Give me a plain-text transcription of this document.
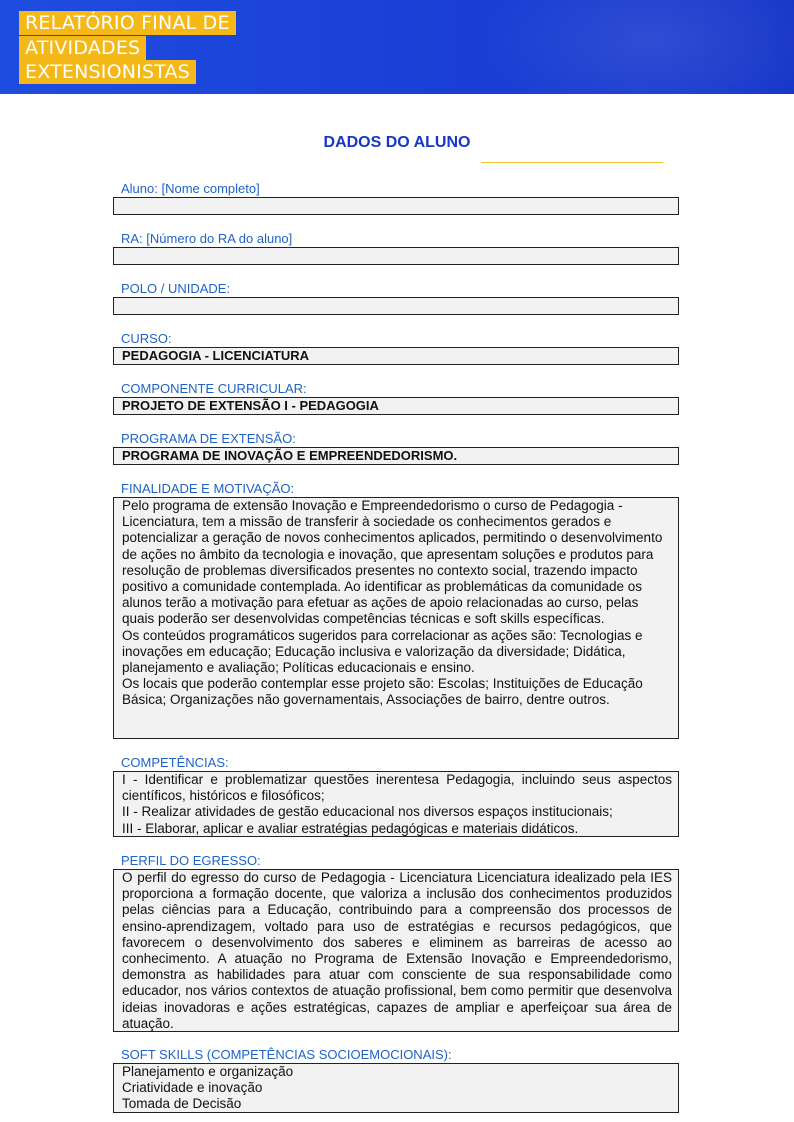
RELATÓRIO FINAL DE
ATIVIDADES
EXTENSIONISTAS
DADOS DO ALUNO
Aluno: [Nome completo]
RA: [Número do RA do aluno]
POLO / UNIDADE:
CURSO:
PEDAGOGIA - LICENCIATURA
COMPONENTE CURRICULAR:
PROJETO DE EXTENSÃO I - PEDAGOGIA
PROGRAMA DE EXTENSÃO:
PROGRAMA DE INOVAÇÃO E EMPREENDEDORISMO.
FINALIDADE E MOTIVAÇÃO:

Pelo programa de extensão Inovação e Empreendedorismo o curso de Pedagogia - Licenciatura, tem a missão de transferir à sociedade os conhecimentos gerados e potencializar a geração de novos conhecimentos aplicados, permitindo o desenvolvimento de ações no âmbito da tecnologia e inovação, que apresentam soluções e produtos para resolução de problemas diversificados presentes no contexto social, trazendo impacto positivo a comunidade contemplada. Ao identificar as problemáticas da comunidade os alunos terão a motivação para efetuar as ações de apoio relacionadas ao curso, pelas quais poderão ser desenvolvidas competências técnicas e soft skills específicas.

Os conteúdos programáticos sugeridos para correlacionar as ações são: Tecnologias e inovações em educação; Educação inclusiva e valorização da diversidade; Didática, planejamento e avaliação; Políticas educacionais e ensino.

Os locais que poderão contemplar esse projeto são: Escolas; Instituições de Educação Básica; Organizações não governamentais, Associações de bairro, dentre outros.

COMPETÊNCIAS:

I - Identificar e problematizar questões inerentesa Pedagogia, incluindo seus aspectos científicos, históricos e filosóficos;

II - Realizar atividades de gestão educacional nos diversos espaços institucionais;

III - Elaborar, aplicar e avaliar estratégias pedagógicas e materiais didáticos.

PERFIL DO EGRESSO:

O perfil do egresso do curso de Pedagogia - Licenciatura Licenciatura idealizado pela IES proporciona a formação docente, que valoriza a inclusão dos conhecimentos produzidos pelas ciências para a Educação, contribuindo para a compreensão dos processos de ensino-aprendizagem, voltado para uso de estratégias e recursos pedagógicos, que favorecem o desenvolvimento dos saberes e eliminem as barreiras de acesso ao conhecimento. A atuação no Programa de Extensão Inovação e Empreendedorismo, demonstra as habilidades para atuar com consciente de sua responsabilidade como educador, nos vários contextos de atuação profissional, bem como permitir que desenvolva ideias inovadoras e ações estratégicas, capazes de ampliar e aperfeiçoar sua área de atuação.

SOFT SKILLS (COMPETÊNCIAS SOCIOEMOCIONAIS):

Planejamento e organização

Criatividade e inovação

Tomada de Decisão
